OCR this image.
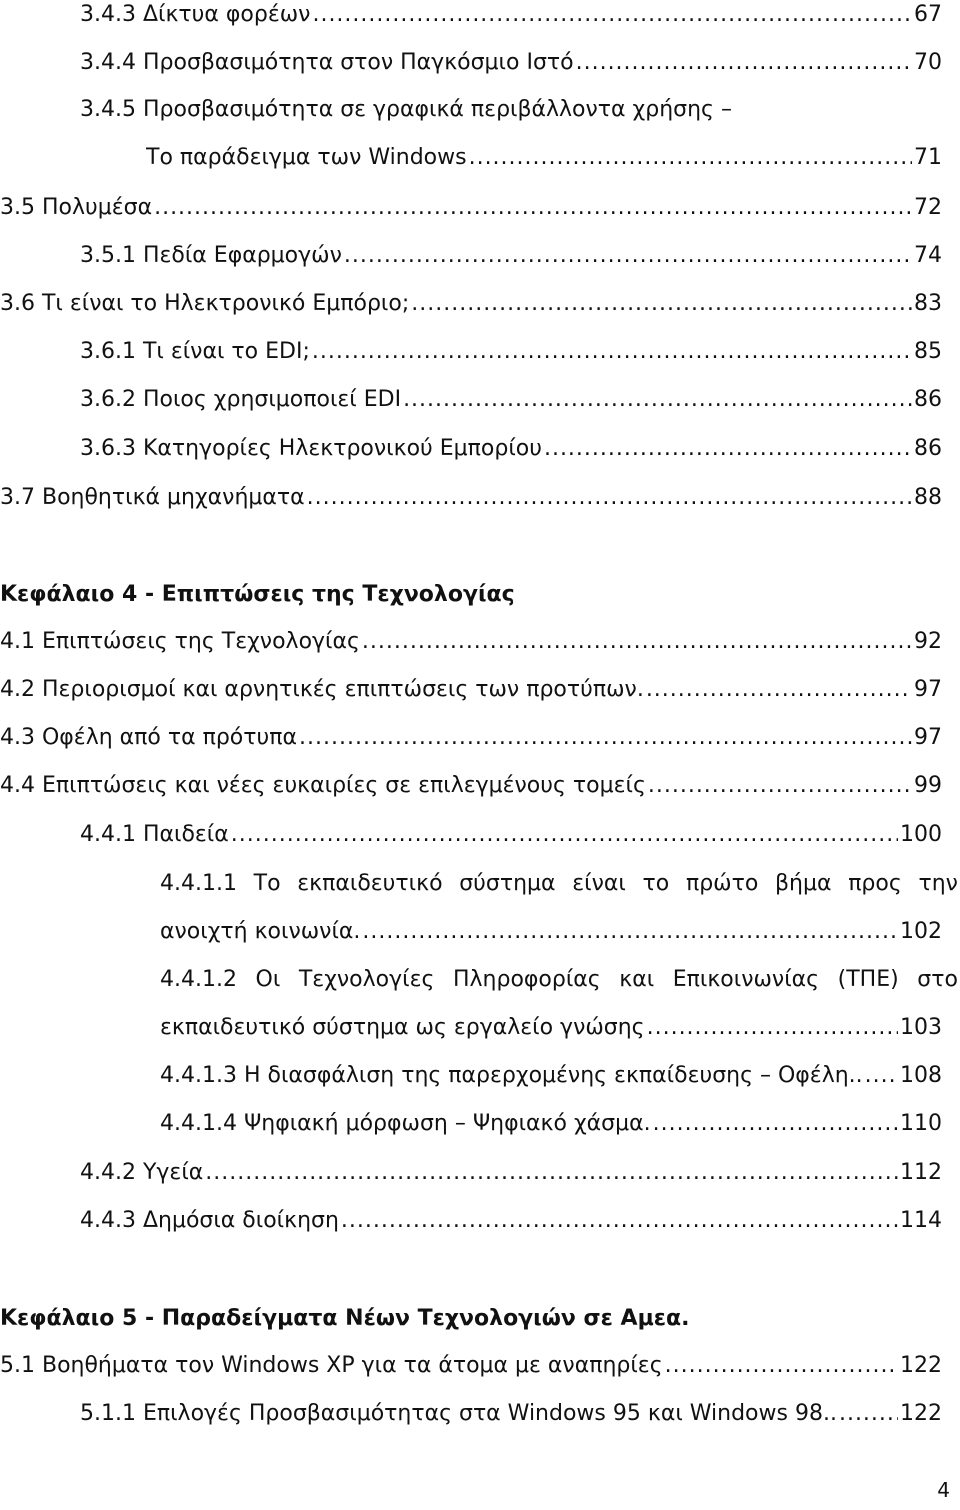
3.4.3 Δίκτυα φορέων .....	67
3.4.4 Προσβασιμότητα στον Παγκόσμιο Ιστό .....	70
3.4.5 Προσβασιμότητα σε γραφικά περιβάλλοντα χρήσης –
Το παράδειγμα των Windows .....	71
3.5 Πολυμέσα .....	72
3.5.1 Πεδία Εφαρμογών .....	74
3.6 Τι είναι το Ηλεκτρονικό Εμπόριο; .....	83
3.6.1 Τι είναι το EDI; .....	85
3.6.2 Ποιος χρησιμοποιεί EDI .....	86
3.6.3 Κατηγορίες Ηλεκτρονικού Εμπορίου .....	86
3.7 Βοηθητικά μηχανήματα .....	88
Κεφάλαιο 4 - Επιπτώσεις της Τεχνολογίας
4.1 Επιπτώσεις της Τεχνολογίας .....	92
4.2 Περιορισμοί και αρνητικές επιπτώσεις των προτύπων. .....	97
4.3 Οφέλη από τα πρότυπα .....	97
4.4 Επιπτώσεις και νέες ευκαιρίες σε επιλεγμένους τομείς .....	99
4.4.1 Παιδεία .....	100
4.4.1.1 Το εκπαιδευτικό σύστημα είναι το πρώτο βήμα προς την
ανοιχτή κοινωνία. .....	102
4.4.1.2 Οι Τεχνολογίες Πληροφορίας και Επικοινωνίας (ΤΠΕ) στο
εκπαιδευτικό σύστημα ως εργαλείο γνώσης .....	103
4.4.1.3 Η διασφάλιση της παρερχομένης εκπαίδευσης – Οφέλη.. ..... 108
4.4.1.4 Ψηφιακή μόρφωση – Ψηφιακό χάσμα. .....	110
4.4.2 Υγεία .....	112
4.4.3 Δημόσια διοίκηση .....	114
Κεφάλαιο 5 - Παραδείγματα Νέων Τεχνολογιών σε Αμεα.
5.1 Βοηθήματα τον Windows XP για τα άτομα με αναπηρίες .....	122
5.1.1 Επιλογές Προσβασιμότητας στα Windows 95 και Windows 98.. .....	122
4
